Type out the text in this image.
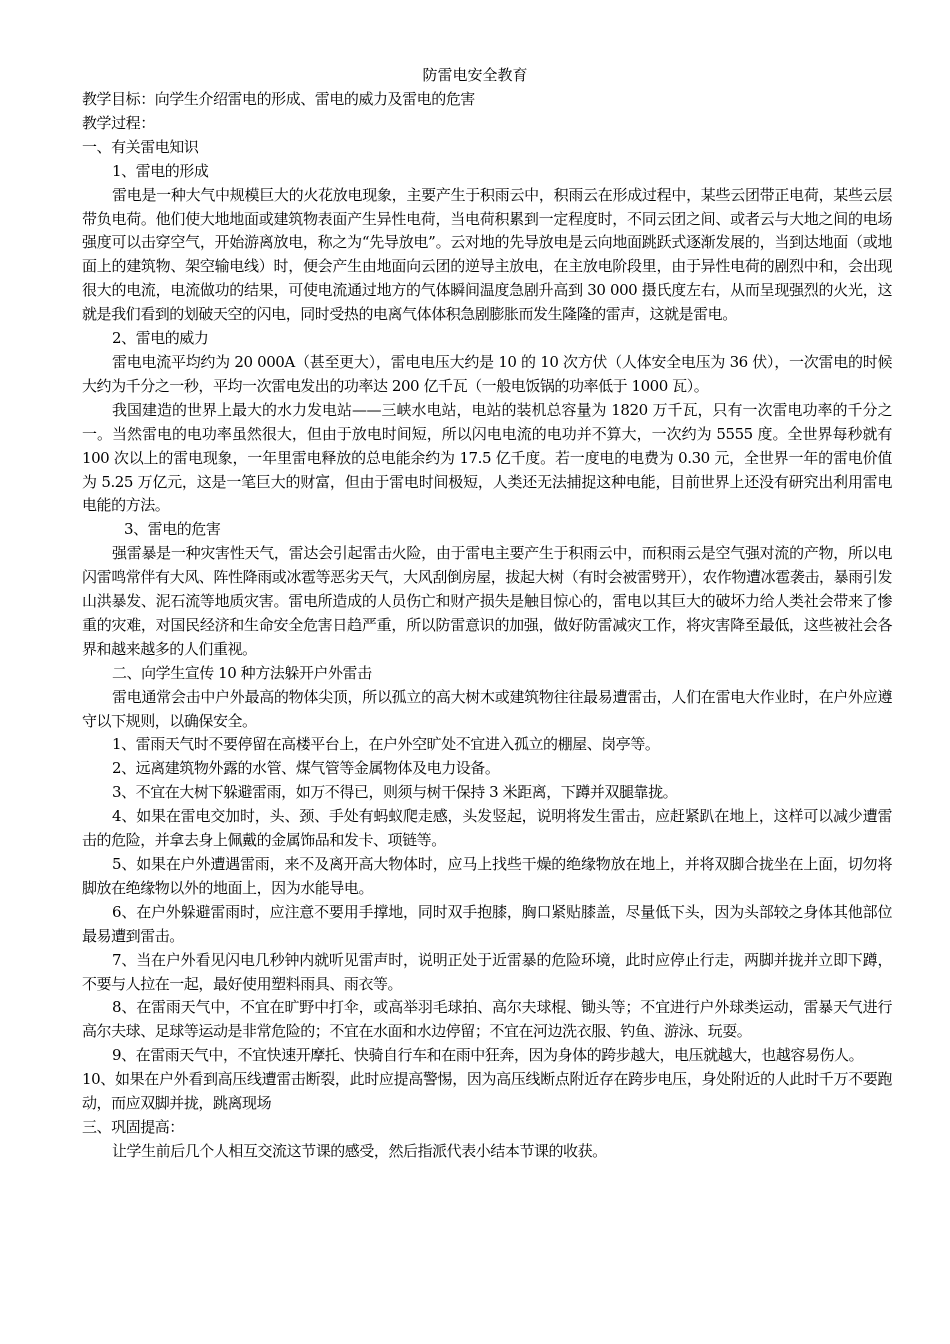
防雷电安全教育
教学目标：向学生介绍雷电的形成、雷电的威力及雷电的危害
教学过程：
一、有关雷电知识
1、雷电的形成

雷电是一种大气中规模巨大的火花放电现象，主要产生于积雨云中，积雨云在形成过程中，某些云团带正电荷，某些云层带负电荷。他们使大地地面或建筑物表面产生异性电荷，当电荷积累到一定程度时，不同云团之间、或者云与大地之间的电场强度可以击穿空气，开始游离放电，称之为“先导放电”。云对地的先导放电是云向地面跳跃式逐渐发展的，当到达地面（或地面上的建筑物、架空输电线）时，便会产生由地面向云团的逆导主放电，在主放电阶段里，由于异性电荷的剧烈中和，会出现很大的电流，电流做功的结果，可使电流通过地方的气体瞬间温度急剧升高到 30 000 摄氏度左右，从而呈现强烈的火光，这就是我们看到的划破天空的闪电，同时受热的电离气体体积急剧膨胀而发生隆隆的雷声，这就是雷电。

2、雷电的威力

雷电电流平均约为 20 000A（甚至更大），雷电电压大约是 10 的 10 次方伏（人体安全电压为 36 伏），一次雷电的时候大约为千分之一秒，平均一次雷电发出的功率达 200 亿千瓦（一般电饭锅的功率低于 1000 瓦）。

我国建造的世界上最大的水力发电站——三峡水电站，电站的装机总容量为 1820 万千瓦，只有一次雷电功率的千分之一。当然雷电的电功率虽然很大，但由于放电时间短，所以闪电电流的电功并不算大，一次约为 5555 度。全世界每秒就有 100 次以上的雷电现象，一年里雷电释放的总电能余约为 17.5 亿千度。若一度电的电费为 0.30 元，全世界一年的雷电价值为 5.25 万亿元，这是一笔巨大的财富，但由于雷电时间极短，人类还无法捕捉这种电能，目前世界上还没有研究出利用雷电电能的方法。

3、雷电的危害

强雷暴是一种灾害性天气，雷达会引起雷击火险，由于雷电主要产生于积雨云中，而积雨云是空气强对流的产物，所以电闪雷鸣常伴有大风、阵性降雨或冰雹等恶劣天气，大风刮倒房屋，拔起大树（有时会被雷劈开），农作物遭冰雹袭击，暴雨引发山洪暴发、泥石流等地质灾害。雷电所造成的人员伤亡和财产损失是触目惊心的，雷电以其巨大的破坏力给人类社会带来了惨重的灾难，对国民经济和生命安全危害日趋严重，所以防雷意识的加强，做好防雷减灾工作，将灾害降至最低，这些被社会各界和越来越多的人们重视。

二、向学生宣传 10 种方法躲开户外雷击

雷电通常会击中户外最高的物体尖顶，所以孤立的高大树木或建筑物往往最易遭雷击，人们在雷电大作业时，在户外应遵守以下规则，以确保安全。

1、雷雨天气时不要停留在高楼平台上，在户外空旷处不宜进入孤立的棚屋、岗亭等。

2、远离建筑物外露的水管、煤气管等金属物体及电力设备。

3、不宜在大树下躲避雷雨，如万不得已，则须与树干保持 3 米距离，下蹲并双腿靠拢。

4、如果在雷电交加时，头、颈、手处有蚂蚁爬走感，头发竖起，说明将发生雷击，应赶紧趴在地上，这样可以减少遭雷击的危险，并拿去身上佩戴的金属饰品和发卡、项链等。

5、如果在户外遭遇雷雨，来不及离开高大物体时，应马上找些干燥的绝缘物放在地上，并将双脚合拢坐在上面，切勿将脚放在绝缘物以外的地面上，因为水能导电。

6、在户外躲避雷雨时，应注意不要用手撑地，同时双手抱膝，胸口紧贴膝盖，尽量低下头，因为头部较之身体其他部位最易遭到雷击。

7、当在户外看见闪电几秒钟内就听见雷声时，说明正处于近雷暴的危险环境，此时应停止行走，两脚并拢并立即下蹲，不要与人拉在一起，最好使用塑料雨具、雨衣等。

8、在雷雨天气中，不宜在旷野中打伞，或高举羽毛球拍、高尔夫球棍、锄头等；不宜进行户外球类运动，雷暴天气进行高尔夫球、足球等运动是非常危险的；不宜在水面和水边停留；不宜在河边洗衣服、钓鱼、游泳、玩耍。

9、在雷雨天气中，不宜快速开摩托、快骑自行车和在雨中狂奔，因为身体的跨步越大，电压就越大，也越容易伤人。

10、如果在户外看到高压线遭雷击断裂，此时应提高警惕，因为高压线断点附近存在跨步电压，身处附近的人此时千万不要跑动，而应双脚并拢，跳离现场

三、巩固提高：

让学生前后几个人相互交流这节课的感受，然后指派代表小结本节课的收获。
